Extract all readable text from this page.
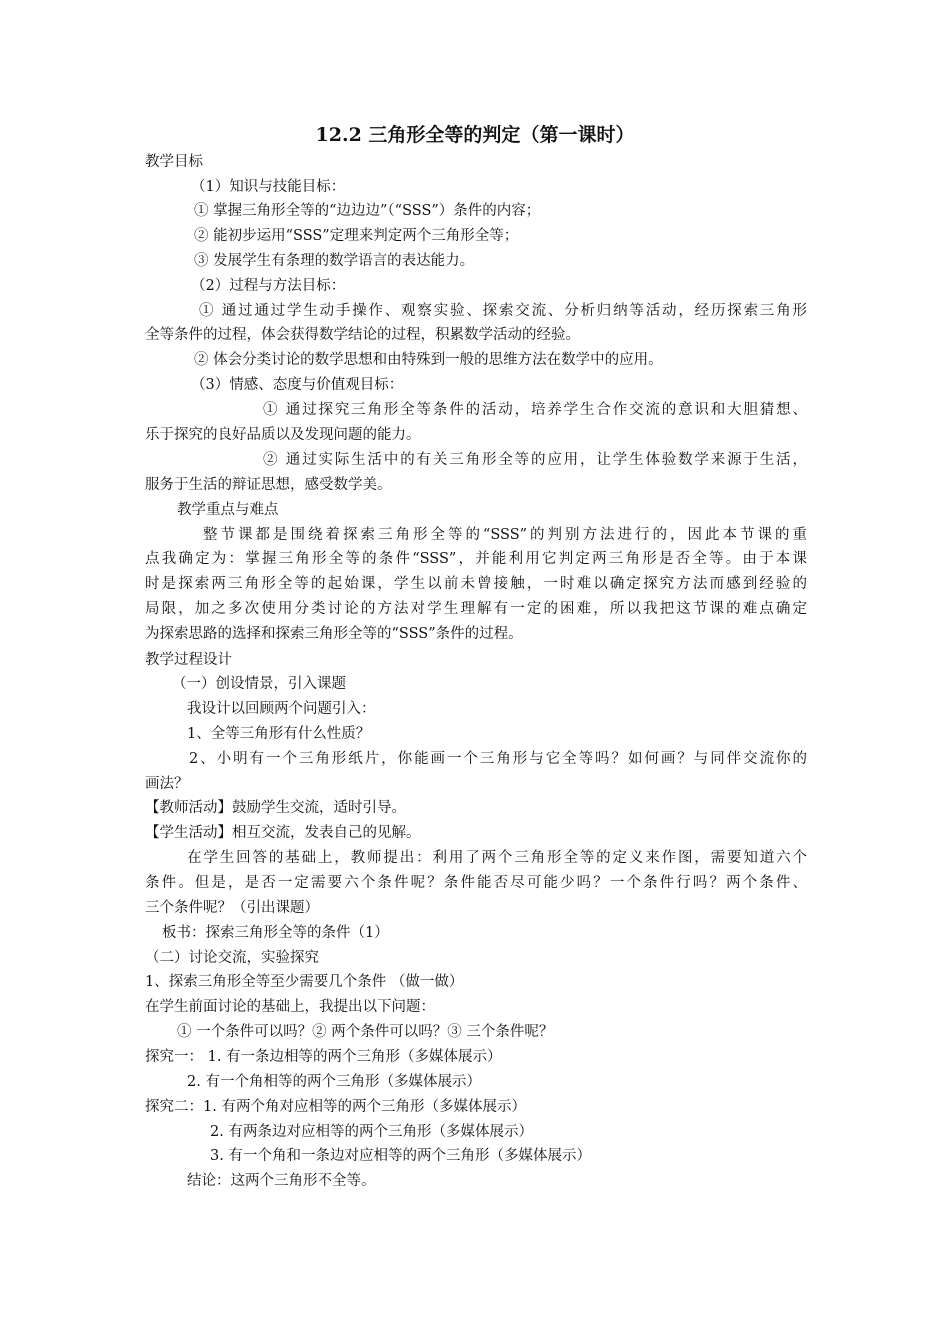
12.2 三角形全等的判定（第一课时）
教学目标
（1）知识与技能目标：
① 掌握三角形全等的“边边边”（“SSS”）条件的内容；
② 能初步运用“SSS”定理来判定两个三角形全等；
③ 发展学生有条理的数学语言的表达能力。
（2）过程与方法目标：
① 通过通过学生动手操作、观察实验、探索交流、分析归纳等活动，经历探索三角形
全等条件的过程，体会获得数学结论的过程，积累数学活动的经验。
② 体会分类讨论的数学思想和由特殊到一般的思维方法在数学中的应用。
（3）情感、态度与价值观目标：
① 通过探究三角形全等条件的活动，培养学生合作交流的意识和大胆猜想、
乐于探究的良好品质以及发现问题的能力。
② 通过实际生活中的有关三角形全等的应用，让学生体验数学来源于生活，
服务于生活的辩证思想，感受数学美。
教学重点与难点
整节课都是围绕着探索三角形全等的“SSS”的判别方法进行的，因此本节课的重
点我确定为：掌握三角形全等的条件“SSS”，并能利用它判定两三角形是否全等。由于本课
时是探索两三角形全等的起始课，学生以前未曾接触，一时难以确定探究方法而感到经验的
局限，加之多次使用分类讨论的方法对学生理解有一定的困难，所以我把这节课的难点确定
为探索思路的选择和探索三角形全等的“SSS”条件的过程。
教学过程设计
（一）创设情景，引入课题
我设计以回顾两个问题引入：
1、全等三角形有什么性质？
2、小明有一个三角形纸片，你能画一个三角形与它全等吗？如何画？与同伴交流你的
画法？
【教师活动】鼓励学生交流，适时引导。
【学生活动】相互交流，发表自己的见解。
在学生回答的基础上，教师提出：利用了两个三角形全等的定义来作图，需要知道六个
条件。但是，是否一定需要六个条件呢？条件能否尽可能少吗？一个条件行吗？两个条件、
三个条件呢？（引出课题）
板书：探索三角形全等的条件（1）
（二）讨论交流，实验探究
1、探索三角形全等至少需要几个条件 （做一做）
在学生前面讨论的基础上，我提出以下问题：
① 一个条件可以吗？② 两个条件可以吗？③ 三个条件呢？
探究一： 1. 有一条边相等的两个三角形（多媒体展示）
2. 有一个角相等的两个三角形（多媒体展示）
探究二：1. 有两个角对应相等的两个三角形（多媒体展示）
2. 有两条边对应相等的两个三角形（多媒体展示）
3. 有一个角和一条边对应相等的两个三角形（多媒体展示）
结论：这两个三角形不全等。
